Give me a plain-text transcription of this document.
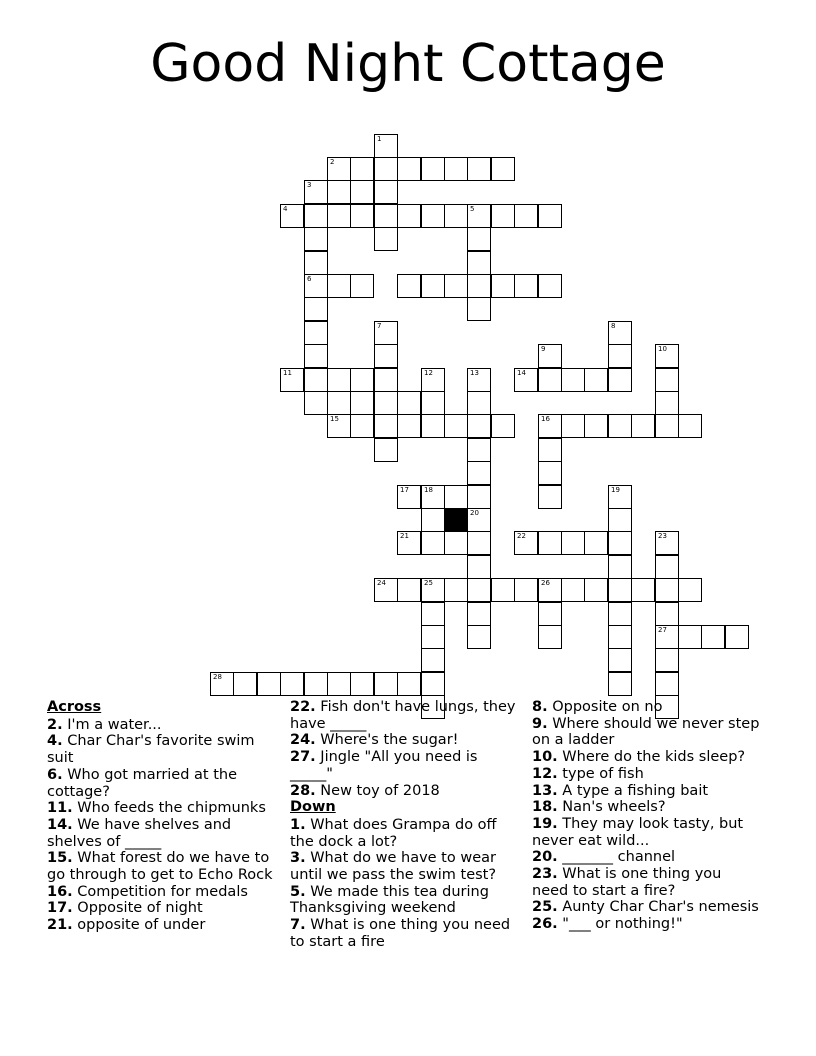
Good Night Cottage
1
2
3
4	5
6
7	8
9	10
11	12	13	14
15	16
17 18	19
20
21	22	23
24	25	26
27
28
Across
2. I'm a water...
4. Char Char's favorite swim suit
6. Who got married at the cottage?
11. Who feeds the chipmunks
14. We have shelves and shelves of _____
15. What forest do we have to go through to get to Echo Rock
16. Competition for medals
17. Opposite of night
21. opposite of under
22. Fish don't have lungs, they have _____
24. Where's the sugar!
27. Jingle "All you need is _____"
28. New toy of 2018
Down
1. What does Grampa do off the dock a lot?
3. What do we have to wear until we pass the swim test?
5. We made this tea during Thanksgiving weekend
7. What is one thing you need to start a fire
8. Opposite on no
9. Where should we never step on a ladder
10. Where do the kids sleep?
12. type of fish
13. A type a fishing bait
18. Nan's wheels?
19. They may look tasty, but never eat wild...
20. _______ channel
23. What is one thing you need to start a fire?
25. Aunty Char Char's nemesis
26. "___ or nothing!"
